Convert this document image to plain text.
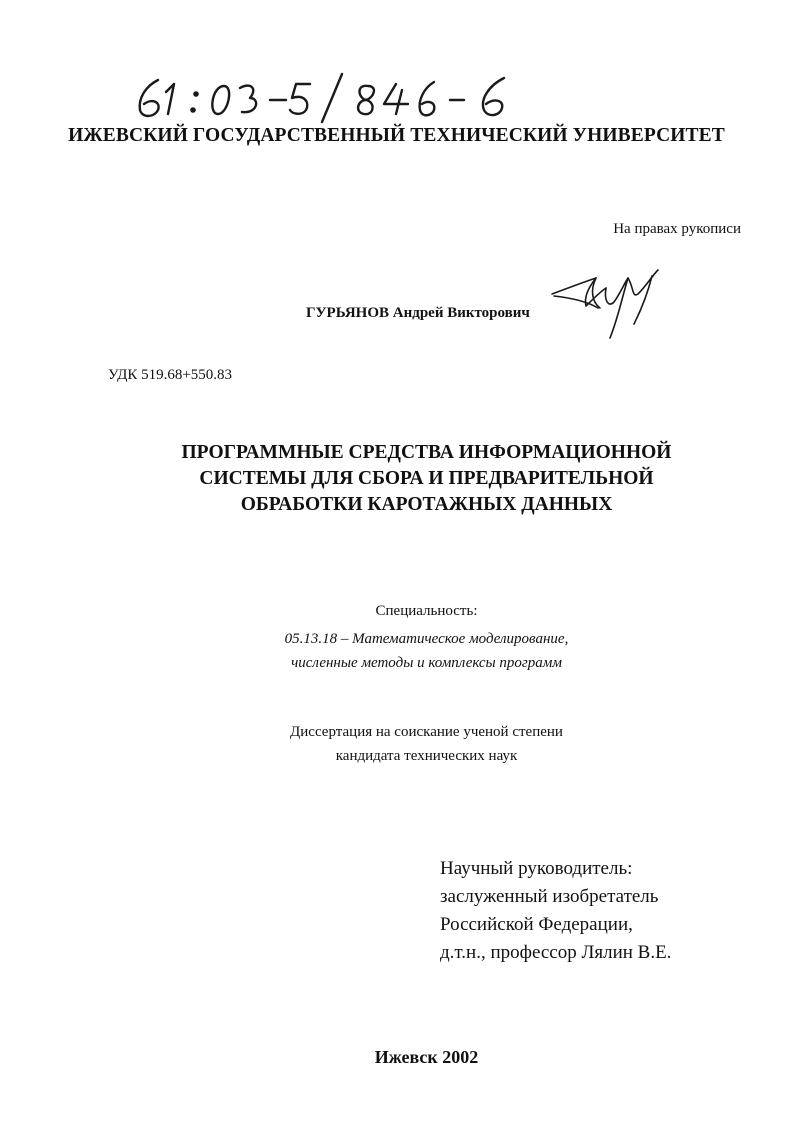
ИЖЕВСКИЙ ГОСУДАРСТВЕННЫЙ ТЕХНИЧЕСКИЙ УНИВЕРСИТЕТ
На правах рукописи
ГУРЬЯНОВ Андрей Викторович
УДК 519.68+550.83
ПРОГРАММНЫЕ СРЕДСТВА ИНФОРМАЦИОННОЙ
СИСТЕМЫ ДЛЯ СБОРА И ПРЕДВАРИТЕЛЬНОЙ
ОБРАБОТКИ КАРОТАЖНЫХ ДАННЫХ
Специальность:
05.13.18 – Математическое моделирование,
численные методы и комплексы программ
Диссертация на соискание ученой степени
кандидата технических наук
Научный руководитель:
заслуженный изобретатель
Российской Федерации,
д.т.н., профессор Лялин В.Е.
Ижевск 2002
